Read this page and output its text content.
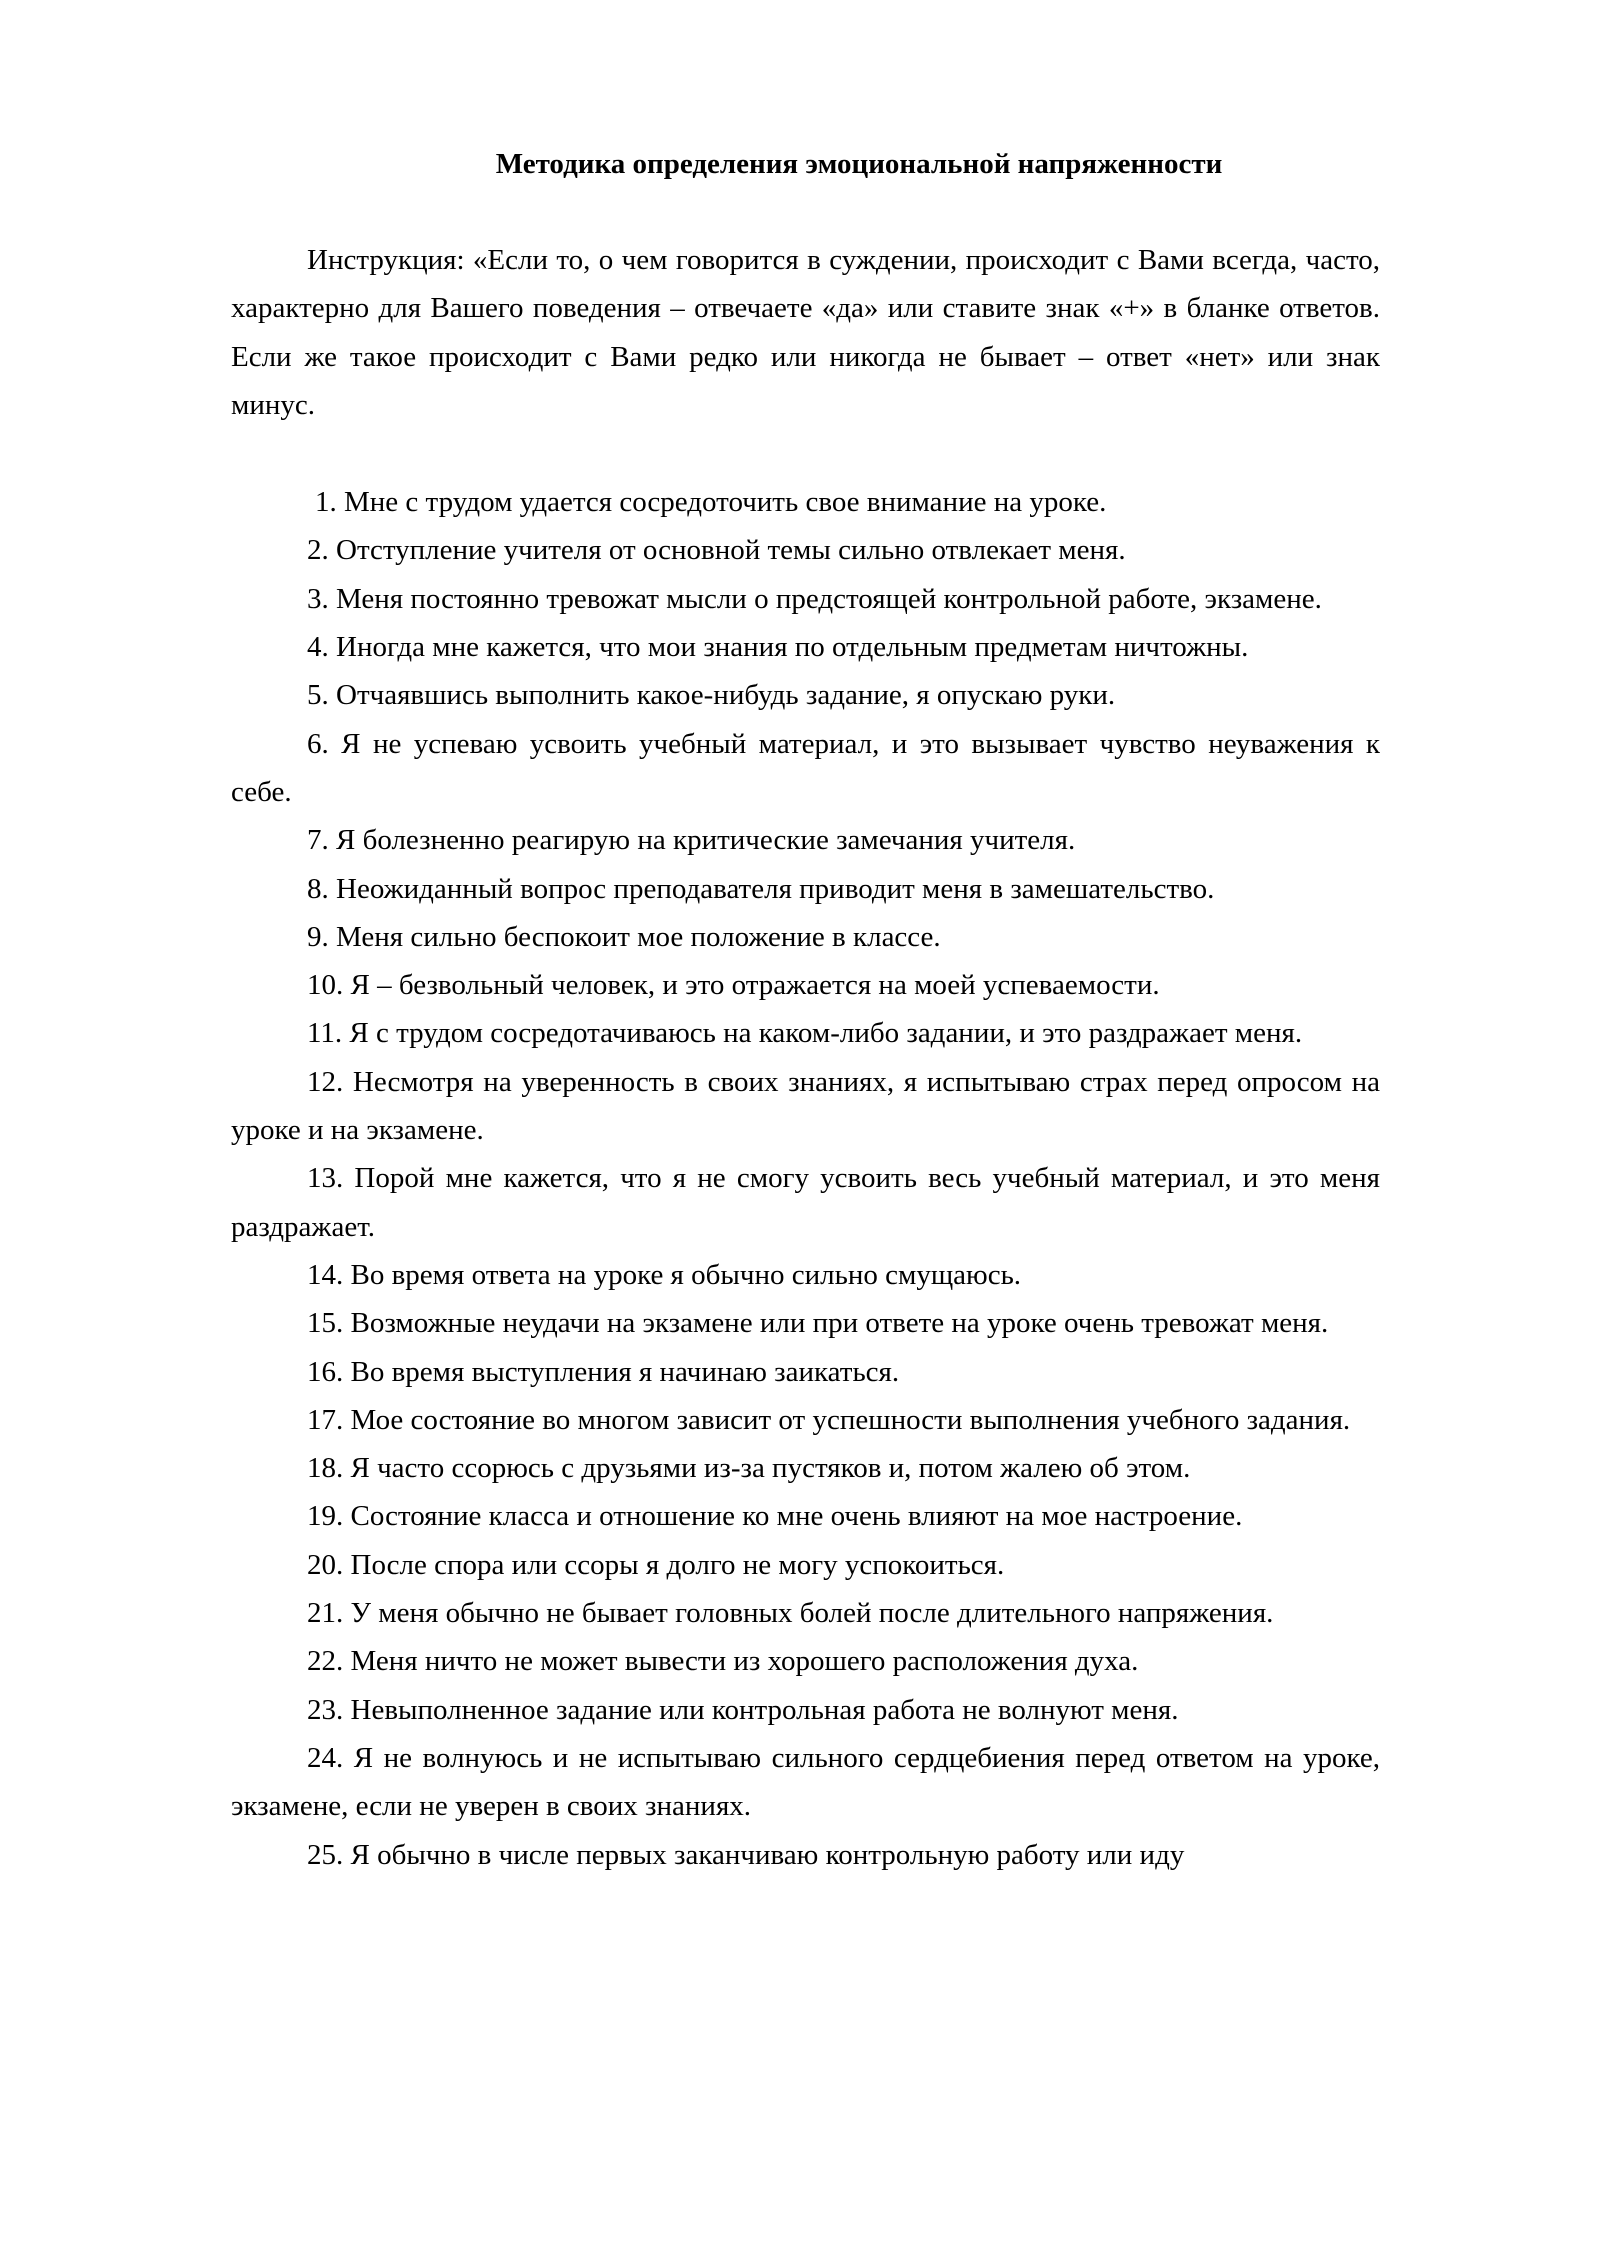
Методика определения эмоциональной напряженности

Инструкция: «Если то, о чем говорится в суждении, происходит с Вами всегда, часто, характерно для Вашего поведения – отвечаете «да» или ставите знак «+» в бланке ответов. Если же такое происходит с Вами редко или никогда не бывает – ответ «нет» или знак минус.

1. Мне с трудом удается сосредоточить свое внимание на уроке.
2. Отступление учителя от основной темы сильно отвлекает меня.
3. Меня постоянно тревожат мысли о предстоящей контрольной работе, экзамене.
4. Иногда мне кажется, что мои знания по отдельным предметам ничтожны.
5. Отчаявшись выполнить какое-нибудь задание, я опускаю руки.
6. Я не успеваю усвоить учебный материал, и это вызывает чувство неуважения к себе.
7. Я болезненно реагирую на критические замечания учителя.
8. Неожиданный вопрос преподавателя приводит меня в замешательство.
9. Меня сильно беспокоит мое положение в классе.
10. Я – безвольный человек, и это отражается на моей успеваемости.
11. Я с трудом сосредотачиваюсь на каком-либо задании, и это раздражает меня.
12. Несмотря на уверенность в своих знаниях, я испытываю страх перед опросом на уроке и на экзамене.
13. Порой мне кажется, что я не смогу усвоить весь учебный материал, и это меня раздражает.
14. Во время ответа на уроке я обычно сильно смущаюсь.
15. Возможные неудачи на экзамене или при ответе на уроке очень тревожат меня.
16. Во время выступления я начинаю заикаться.
17. Мое состояние во многом зависит от успешности выполнения учебного задания.
18. Я часто ссорюсь с друзьями из-за пустяков и, потом жалею об этом.
19. Состояние класса и отношение ко мне очень влияют на мое настроение.
20. После спора или ссоры я долго не могу успокоиться.
21. У меня обычно не бывает головных болей после длительного напряжения.
22. Меня ничто не может вывести из хорошего расположения духа.
23. Невыполненное задание или контрольная работа не волнуют меня.
24. Я не волнуюсь и не испытываю сильного сердцебиения перед ответом на уроке, экзамене, если не уверен в своих знаниях.
25. Я обычно в числе первых заканчиваю контрольную работу или иду
